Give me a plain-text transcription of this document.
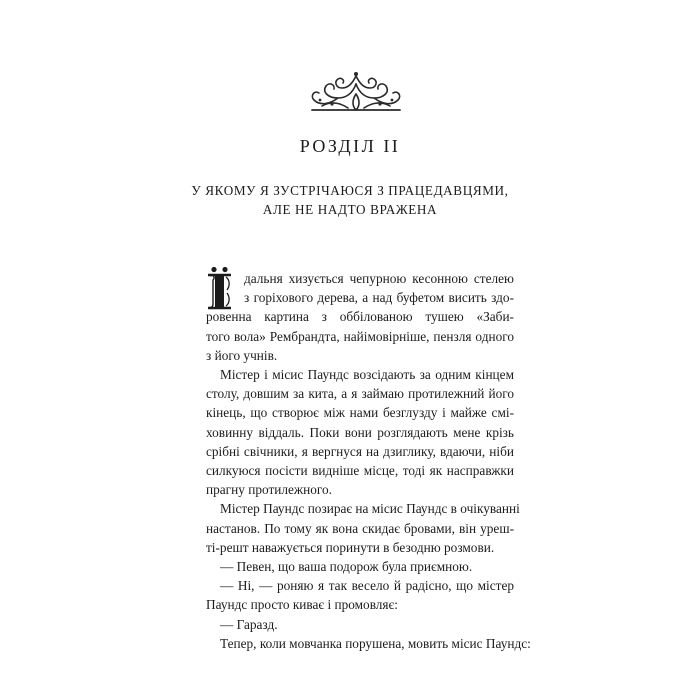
РОЗДІЛ II
У ЯКОМУ Я ЗУСТРІЧАЮСЯ З ПРАЦЕДАВЦЯМИ,
АЛЕ НЕ НАДТО ВРАЖЕНА
дальня хизується чепурною кесонною стелею
з горіхового дерева, а над буфетом висить здо-
ровенна картина з оббілованою тушею «Заби-
того вола» Рембрандта, найімовірніше, пензля одного
з його учнів.
Містер і місис Паундс возсідають за одним кінцем
столу, довшим за кита, а я займаю протилежний його
кінець, що створює між нами безглузду і майже смі-
ховинну віддаль. Поки вони розглядають мене крізь
срібні свічники, я вергнуся на дзиглику, вдаючи, ніби
силкуюся посісти видніше місце, тоді як насправжки
прагну протилежного.
Містер Паундс позирає на місис Паундс в очікуванні
настанов. По тому як вона скидає бровами, він уреш-
ті-решт наважується поринути в безодню розмови.
— Певен, що ваша подорож була приємною.
— Ні, — роняю я так весело й радісно, що містер
Паундс просто киває і промовляє:
— Гаразд.
Тепер, коли мовчанка порушена, мовить місис Паундс:
